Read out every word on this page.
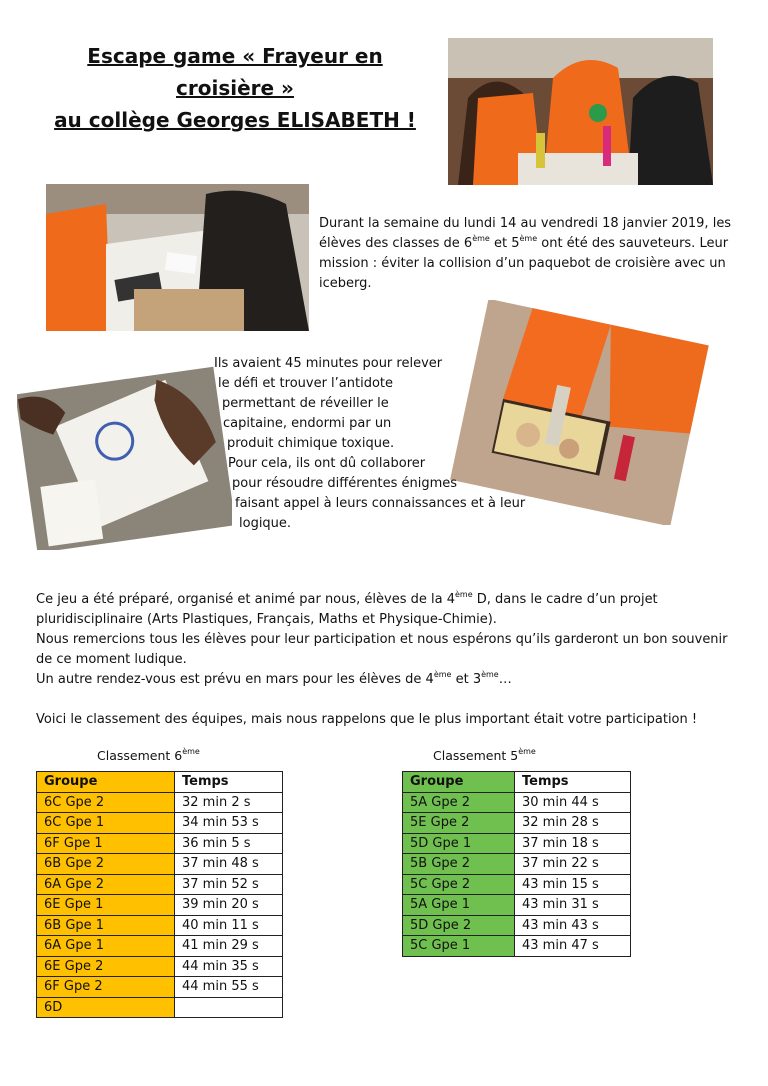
Escape game « Frayeur en
croisière »
au collège Georges ELISABETH !
Durant la semaine du lundi 14 au vendredi 18 janvier 2019, les élèves des classes de 6ème et 5ème ont été des sauveteurs. Leur mission : éviter la collision d’un paquebot de croisière avec un iceberg.
Ils avaient 45 minutes pour relever
le défi et trouver l’antidote
permettant de réveiller le
capitaine, endormi par un
produit chimique toxique.
Pour cela, ils ont dû collaborer
pour résoudre différentes énigmes
faisant appel à leurs connaissances et à leur
logique.

Ce jeu a été préparé, organisé et animé par nous, élèves de la 4ème D, dans le cadre d’un projet pluridisciplinaire (Arts Plastiques, Français, Maths et Physique-Chimie).

Nous remercions tous les élèves pour leur participation et nous espérons qu’ils garderont un bon souvenir de ce moment ludique.

Un autre rendez-vous est prévu en mars pour les élèves de 4ème et 3ème…

Voici le classement des équipes, mais nous rappelons que le plus important était votre participation !

Classement 6ème	Classement 5ème
Groupe	Temps
6C Gpe 2	32 min 2 s
6C Gpe 1	34 min 53 s
6F Gpe 1	36 min 5 s
6B Gpe 2	37 min 48 s
6A Gpe 2	37 min 52 s
6E Gpe 1	39 min 20 s
6B Gpe 1	40 min 11 s
6A Gpe 1	41 min 29 s
6E Gpe 2	44 min 35 s
6F Gpe 2	44 min 55 s
6D	
Groupe	Temps
5A Gpe 2	30 min 44 s
5E Gpe 2	32 min 28 s
5D Gpe 1	37 min 18 s
5B Gpe 2	37 min 22 s
5C Gpe 2	43 min 15 s
5A Gpe 1	43 min 31 s
5D Gpe 2	43 min 43 s
5C Gpe 1	43 min 47 s
